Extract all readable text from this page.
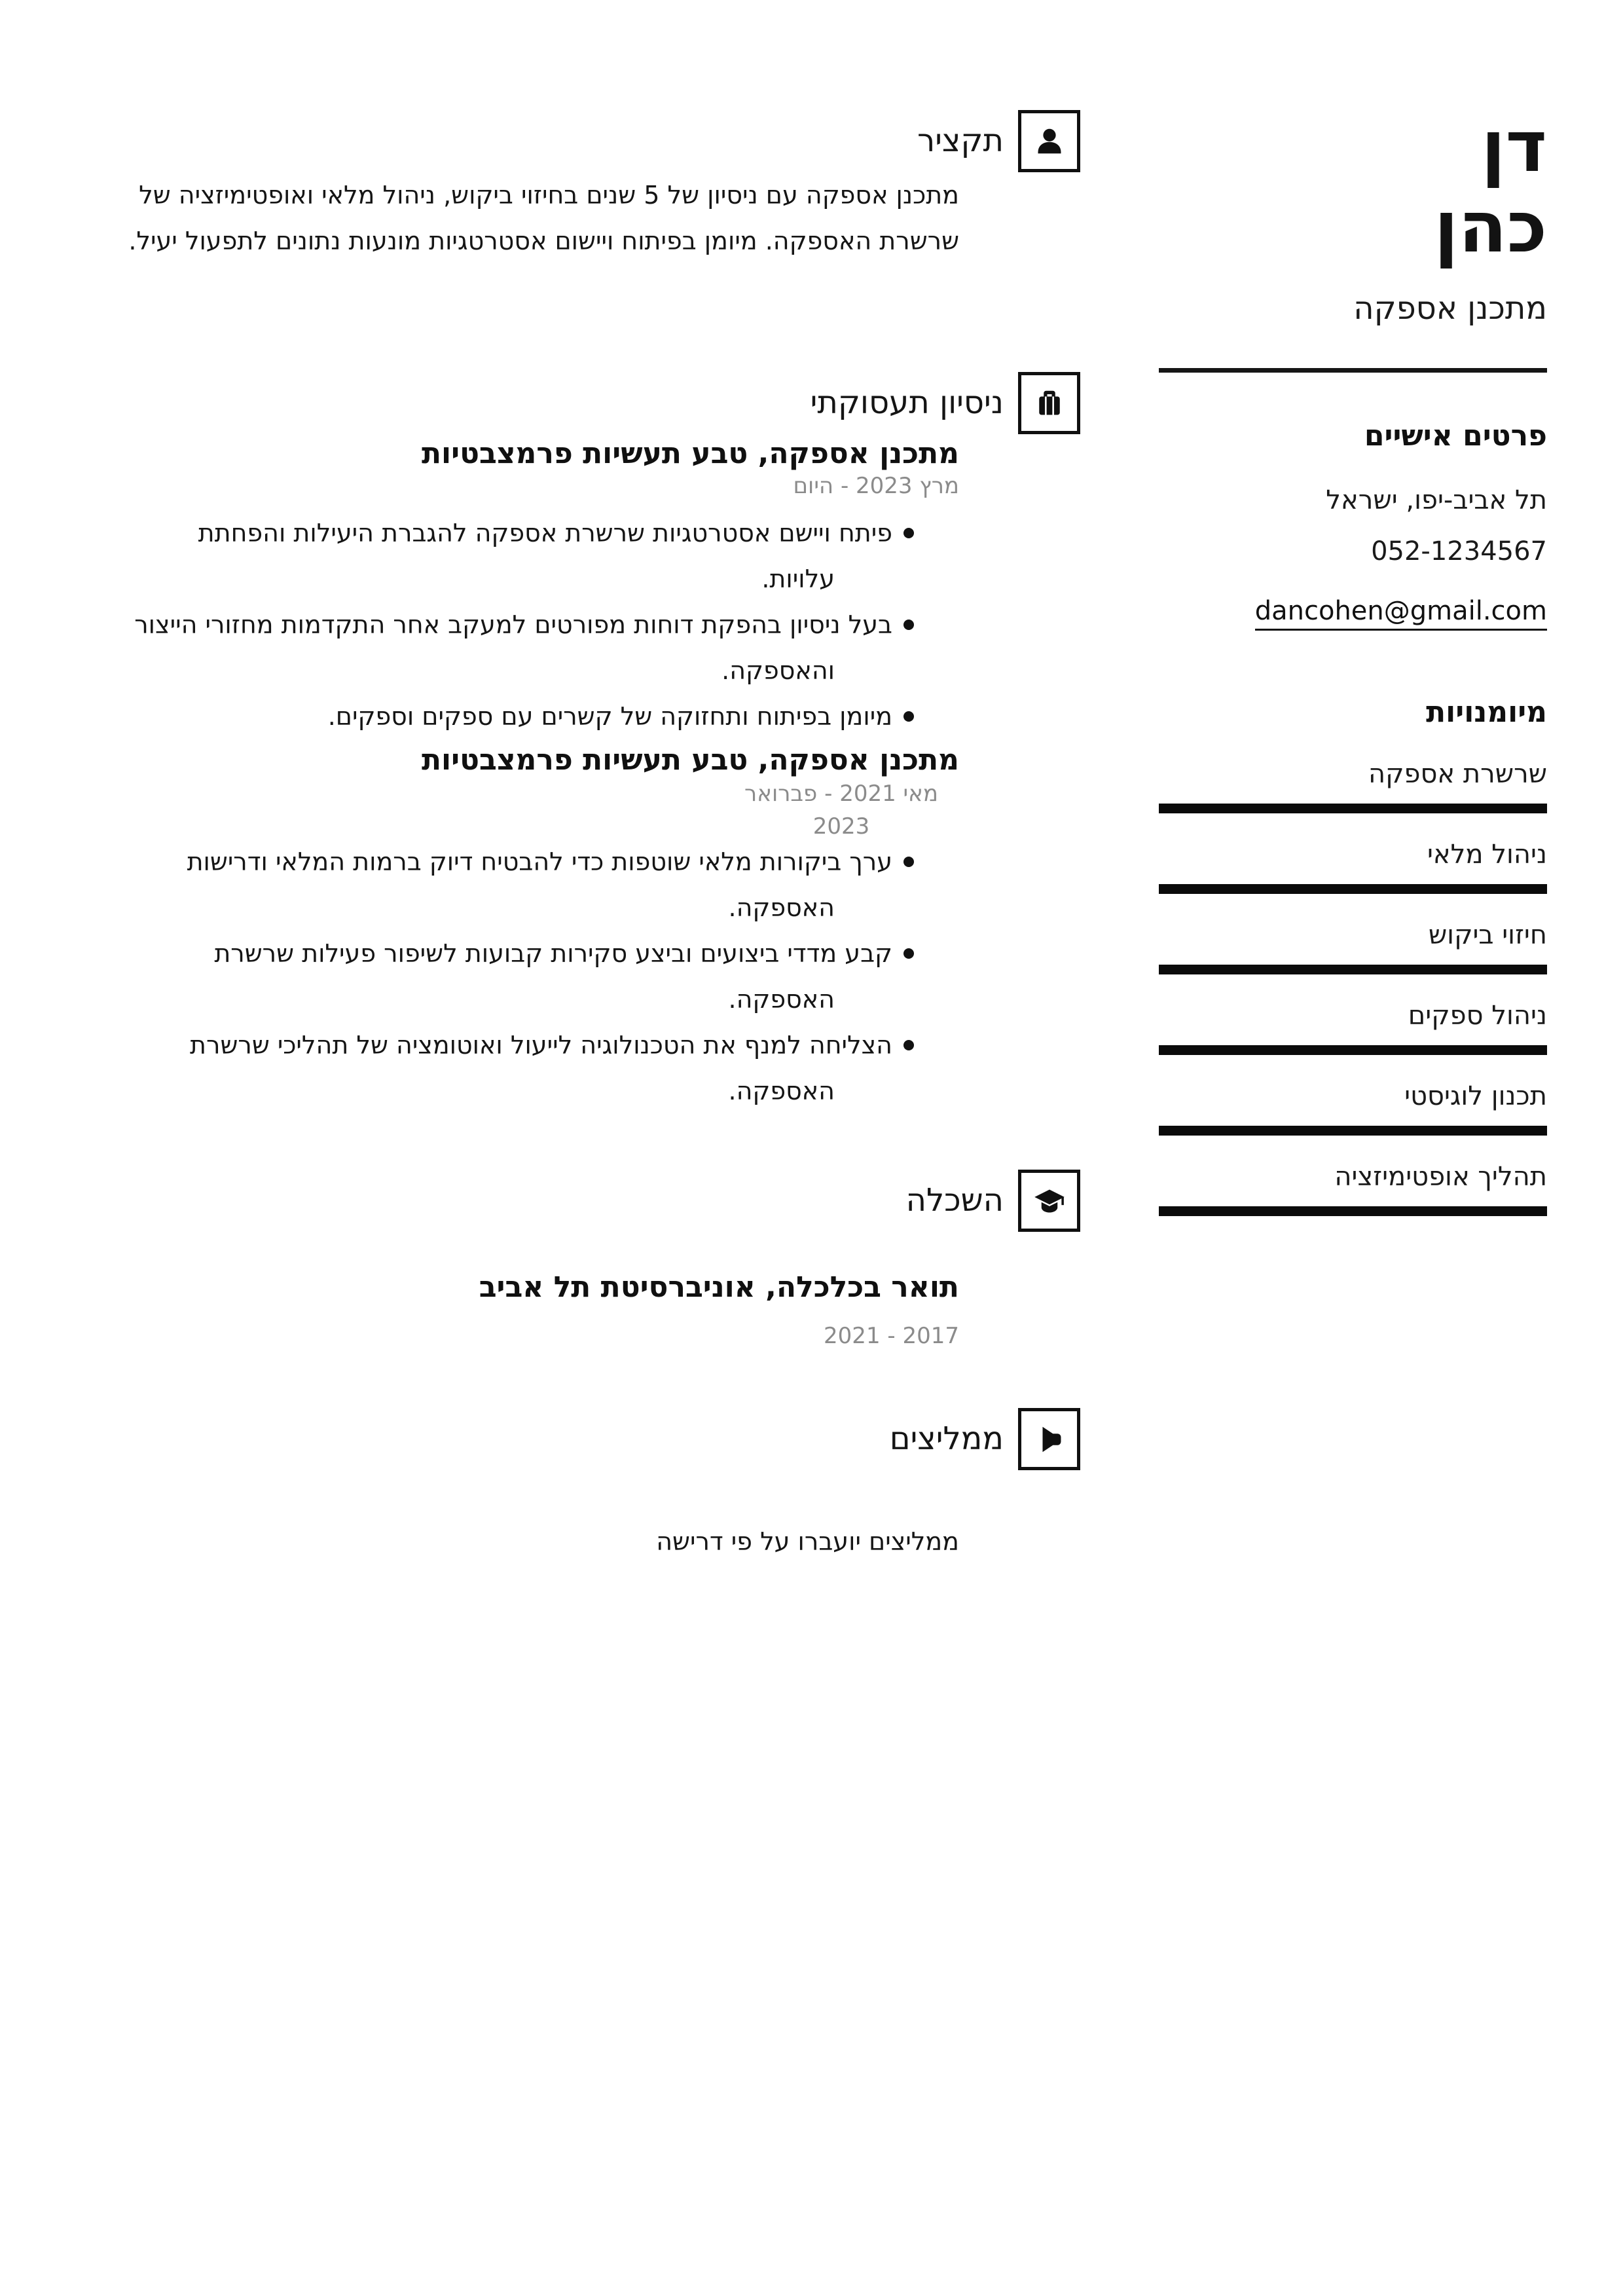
תקציר
מתכנן אספקה עם ניסיון של 5 שנים בחיזוי ביקוש, ניהול מלאי ואופטימיזציה של שרשרת האספקה. מיומן בפיתוח ויישום אסטרטגיות מונעות נתונים לתפעול יעיל.
ניסיון תעסוקתי
מתכנן אספקה, טבע תעשיות פרמצבטיות
מרץ 2023 - היום
פיתח ויישם אסטרטגיות שרשרת אספקה להגברת היעילות והפחתת עלויות.
בעל ניסיון בהפקת דוחות מפורטים למעקב אחר התקדמות מחזורי הייצור והאספקה.
מיומן בפיתוח ותחזוקה של קשרים עם ספקים וספקים.
מתכנן אספקה, טבע תעשיות פרמצבטיות
מאי 2021 - פברואר 2023
ערך ביקורות מלאי שוטפות כדי להבטיח דיוק ברמות המלאי ודרישות האספקה.
קבע מדדי ביצועים וביצע סקירות קבועות לשיפור פעילות שרשרת האספקה.
הצליחה למנף את הטכנולוגיה לייעול ואוטומציה של תהליכי שרשרת האספקה.
השכלה
תואר בכלכלה, אוניברסיטת תל אביב
2017 - 2021
ממליצים
ממליצים יועברו על פי דרישה
דן
כהן
מתכנן אספקה
פרטים אישיים
תל אביב-יפו, ישראל
052-1234567
dancohen@gmail.com
מיומנויות
שרשרת אספקה
ניהול מלאי
חיזוי ביקוש
ניהול ספקים
תכנון לוגיסטי
תהליך אופטימיזציה
